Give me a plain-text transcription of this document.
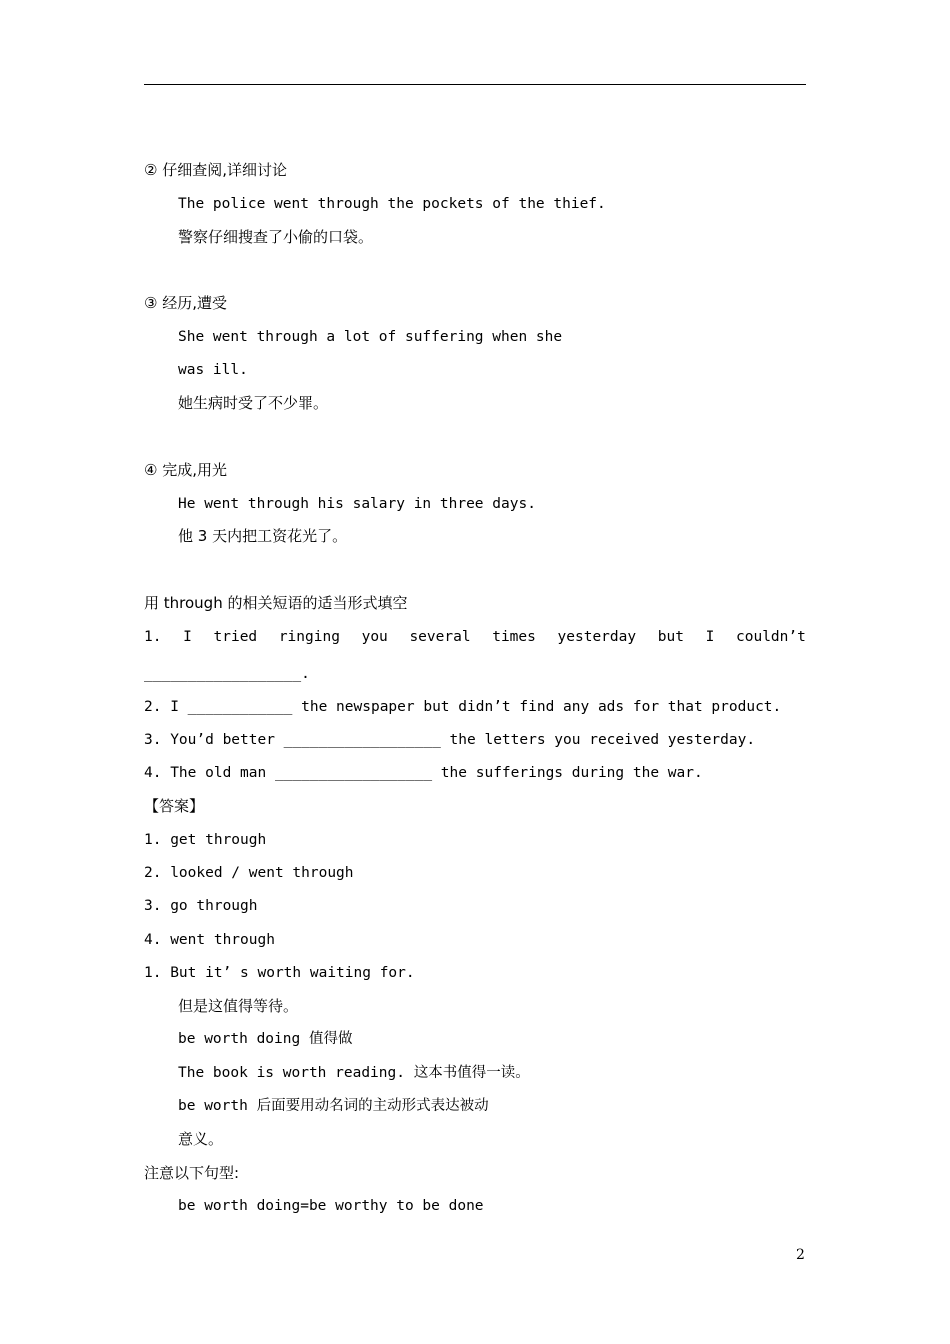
② 仔细查阅,详细讨论
The police went through the pockets of the thief.
警察仔细搜查了小偷的口袋。
③ 经历,遭受
She went through a lot of suffering when she
was ill.
她生病时受了不少罪。
④ 完成,用光
He went through his salary in three days.
他 3 天内把工资花光了。
用 through 的相关短语的适当形式填空
1. I tried ringing you several times yesterday but I couldn’t
__________________.
2. I ____________ the newspaper but didn’t find any ads for that product.
3. You’d better __________________ the letters you received yesterday.
4. The old man __________________ the sufferings during the war.
【答案】
1. get through
2. looked / went through
3. go through
4. went through
1. But it’ s worth waiting for.
但是这值得等待。
be worth doing 值得做
The book is worth reading. 这本书值得一读。
be worth 后面要用动名词的主动形式表达被动
意义。
注意以下句型:
be worth doing=be worthy to be done
2
